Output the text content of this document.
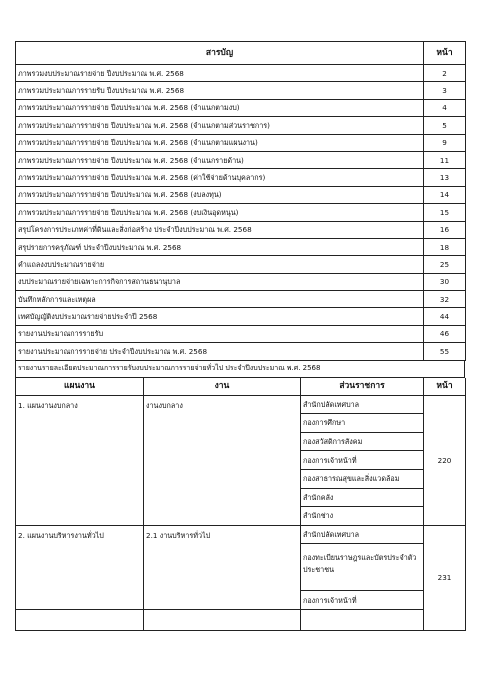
สารบัญ	หน้า
ภาพรวมงบประมาณรายจ่าย ปีงบประมาณ พ.ศ. 2568	2
ภาพรวมประมาณการรายรับ ปีงบประมาณ พ.ศ. 2568	3
ภาพรวมประมาณการรายจ่าย ปีงบประมาณ พ.ศ. 2568 (จำแนกตามงบ)	4
ภาพรวมประมาณการรายจ่าย ปีงบประมาณ พ.ศ. 2568 (จำแนกตามส่วนราชการ)	5
ภาพรวมประมาณการรายจ่าย ปีงบประมาณ พ.ศ. 2568 (จำแนกตามแผนงาน)	9
ภาพรวมประมาณการรายจ่าย ปีงบประมาณ พ.ศ. 2568 (จำแนกรายด้าน)	11
ภาพรวมประมาณการรายจ่าย ปีงบประมาณ พ.ศ. 2568 (ค่าใช้จ่ายด้านบุคลากร)	13
ภาพรวมประมาณการรายจ่าย ปีงบประมาณ พ.ศ. 2568 (งบลงทุน)	14
ภาพรวมประมาณการรายจ่าย ปีงบประมาณ พ.ศ. 2568 (งบเงินอุดหนุน)	15
สรุปโครงการประเภทค่าที่ดินและสิ่งก่อสร้าง ประจำปีงบประมาณ พ.ศ. 2568	16
สรุปรายการครุภัณฑ์ ประจำปีงบประมาณ พ.ศ. 2568	18
คำแถลงงบประมาณรายจ่าย	25
งบประมาณรายจ่ายเฉพาะการกิจการสถานธนานุบาล	30
บันทึกหลักการและเหตุผล	32
เทศบัญญัติงบประมาณรายจ่ายประจำปี 2568	44
รายงานประมาณการรายรับ	46
รายงานประมาณการรายจ่าย ประจำปีงบประมาณ พ.ศ. 2568	55
รายงานรายละเอียดประมาณการรายรับงบประมาณการรายจ่ายทั่วไป ประจำปีงบประมาณ พ.ศ. 2568
แผนงาน	งาน	ส่วนราชการ	หน้า
1. แผนงานงบกลาง	งานงบกลาง	สำนักปลัดเทศบาล	220
		กองการศึกษา	
		กองสวัสดิการสังคม	
		กองการเจ้าหน้าที่	
		กองสาธารณสุขและสิ่งแวดล้อม	
		สำนักคลัง	
		สำนักช่าง	
2. แผนงานบริหารงานทั่วไป	2.1 งานบริหารทั่วไป	สำนักปลัดเทศบาล	231
		กองทะเบียนราษฎรและบัตรประจำตัวประชาชน	
		กองการเจ้าหน้าที่	
